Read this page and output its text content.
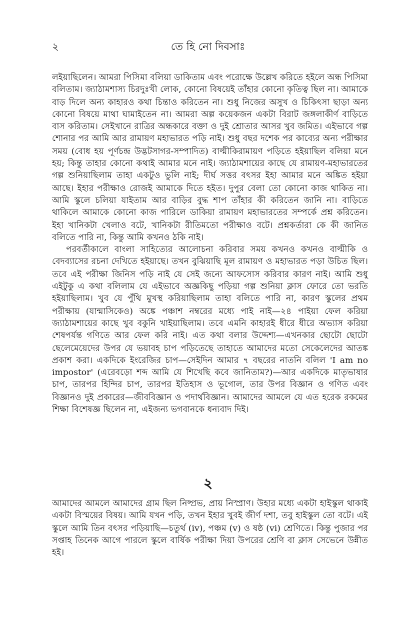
২	তে হি নো দিবসাঃ

লইয়াছিলেন। আমরা পিসিমা বলিয়া ডাকিতাম এবং পরোক্ষে উল্লেখ করিতে হইলে অন্ধ পিসিমা বলিতাম। জ্যাঠামশাস্য চিরদুঃখী লোক, কোনো বিষয়েই তাঁহার কোনো কৃতিত্ব ছিল না। আমাকে বাড় দিলে অন্য কাহারও কথা চিন্তাও করিতেন না। শুধু নিজের অসুখ ও চিকিৎসা ছাড়া অন্য কোনো বিষয়ে মাথা ঘামাইতেন না। আমরা অল্প কয়েকজন একটা বিরাট জঙ্গলাকীর্ণ বাড়িতে বাস করিতাম। সেইখানে রাত্রির অন্ধকারে বক্তা ও দুই শ্রোতার আসর খুব জমিত। এইভাবে গল্প শোনার পর আমি আর রামায়ণ মহাভারত পড়ি নাই। শুধু বছর দশেক পর কাব্যের অন্য পরীক্ষার সময় (বোধ হয় পূর্ণচন্দ্র উদ্ভটসাগর-সম্পাদিত) বাল্মীকিরামায়ণ পড়িতে হইয়াছিল বলিয়া মনে হয়; কিন্তু তাহার কোনো কথাই আমার মনে নাই। জ্যাঠামশায়ের কাছে যে রামায়ণ-মহাভারতের গল্প শুনিয়াছিলাম তাহা একটুও ভুলি নাই; দীর্ঘ সত্তর বৎসর ইহা আমার মনে অঙ্কিত হইয়া আছে। ইহার পরীক্ষাও রোজই আমাকে দিতে হইত। দুপুর বেলা তো কোনো কাজ থাকিত না। আমি স্কুলে চলিয়া যাইতাম আর বাড়ির বুদ্ধ শাপ তাঁহার কী করিতেন জানি না। বাড়িতে থাকিলে আমাকে কোনো কাজ পারিলে ডাকিয়া রামায়ণ মহাভারতের সম্পর্কে প্রশ্ন করিতেন। ইহা খানিকটা খেলাও বটে, খানিকটা রীতিমতো পরীক্ষাও বটে। প্রশ্নকর্তারা কে কী জানিত বলিতে পারি না, কিন্তু আমি কখনও ঠকি নাই।

পরবর্তীকালে বাংলা সাহিত্যের আলোচনা করিবার সময় কখনও কখনও বাল্মীকি ও বেদব্যাসের রচনা দেখিতে হইয়াছে। তখন বুঝিয়াছি মূল রামায়ণ ও মহাভারত পড়া উচিত ছিল। তবে এই পরীক্ষা জিনিস পড়ি নাই যে সেই জন্যে আফসোস করিবার কারণ নাই। আমি শুধু এইটুকু এ কথা বলিলাম যে এইভাবে অজ্ঞকিছু পড়িয়া গল্প শুনিয়া ক্লাস ফোরে তো ভরতি হইয়াছিলাম। খুব যে পুঁথি মুখস্থ করিয়াছিলাম তাহা বলিতে পারি না, কারণ স্কুলের প্রথম পরীক্ষায় (যান্মাসিকেও) অঙ্কে পঞ্চাশ নম্বরের মধ্যে পাই নাই—২৪ পাইয়া ফেল করিয়া জ্যাঠামশায়ের কাছে খুব বকুনি খাইয়াছিলাম। তবে এমনি কাহারই ধীরে ধীরে অভ্যাস করিয়া শেষপর্যন্ত গণিতে আর ফেল করি নাই। এত কথা বলার উদ্দেশ্য—এখনকার ছোটো ছোটো ছেলেমেয়েদের উপর যে ভয়াবহ চাপ পড়িতেছে তাহাতে আমাদের মতো সেকেলেদের আতঙ্ক প্রকাশ করা। একদিকে ইংরেজির চাপ—সেইদিন আমার ৭ বছরের নাতনি বলিল 'I am no impostor' (এরেবড়ো শব্দ আমি যে শিখেছি কবে জানিতাম?)—আর একদিকে মাতৃভাষার চাপ, তারপর হিন্দির চাপ, তারপর ইতিহাস ও ভূগোল, তার উপর বিজ্ঞান ও গণিত এবং বিজ্ঞানও দুই প্রকারের—জীববিজ্ঞান ও পদার্থবিজ্ঞান। আমাদের আমলে যে এত হরেক রকমের শিক্ষা বিশেষজ্ঞ ছিলেন না, এইজন্য ভগবানকে ধন্যবাদ দিই।

২

আমাদের আমলে আমাদের গ্রাম ছিল নিষ্প্রভ, প্রায় নিস্প্রাণ। উহার মধ্যে একটা হাইস্কুল থাকাই একটা বিস্ময়ের বিষয়। আমি যখন পড়ি, তখন ইহার খুবই জীর্ণ দশা, তবু হাইস্কুল তো বটে। এই স্কুলে আমি তিন বৎসর পড়িয়াছি—চতুর্থ (iv), পঞ্চম (v) ও ষষ্ঠ (vi) শ্রেণিতে। কিন্তু পুজার পর সপ্তাহ তিনেক আগে পারলে স্কুলে বার্ষিক পরীক্ষা দিয়া উপরের শ্রেণি বা ক্লাস সেভেনে উন্নীত হই।
